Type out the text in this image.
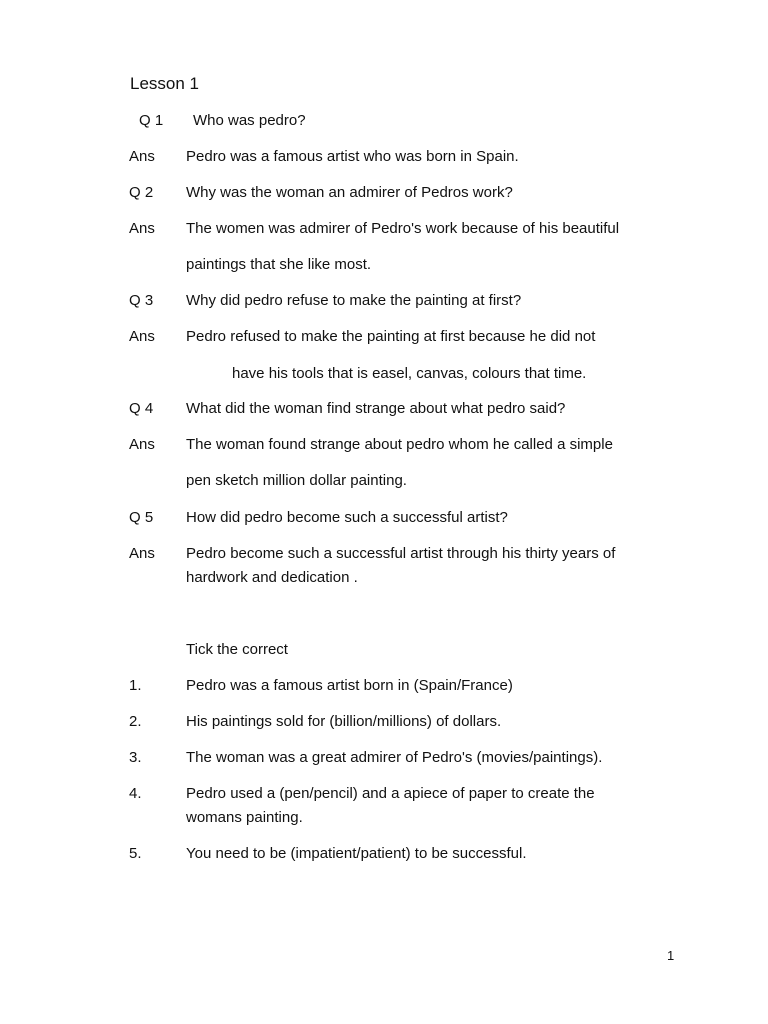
Lesson 1
Q 1 Who was pedro?
Ans Pedro was a famous artist who was born in Spain.
Q 2 Why was the woman an admirer of Pedros work?
Ans The women was admirer of Pedro's work because of his beautiful
paintings that she like most.
Q 3 Why did pedro refuse to make the painting at first?
Ans Pedro refused to make the painting at first because he did not
have his tools that is easel, canvas, colours that time.
Q 4 What did the woman find strange about what pedro said?
Ans The woman found strange about pedro whom he called a simple
pen sketch million dollar painting.
Q 5 How did pedro become such a successful artist?
Ans Pedro become such a successful artist through his thirty years of
hardwork and dedication .
Tick the correct
1.	Pedro was a famous artist born in (Spain/France)
2.	His paintings sold for (billion/millions) of dollars.
3.	The woman was a great admirer of Pedro's (movies/paintings).
4.	Pedro used a (pen/pencil) and a apiece of paper to create the
womans painting.
5.	You need to be (impatient/patient) to be successful.
1
